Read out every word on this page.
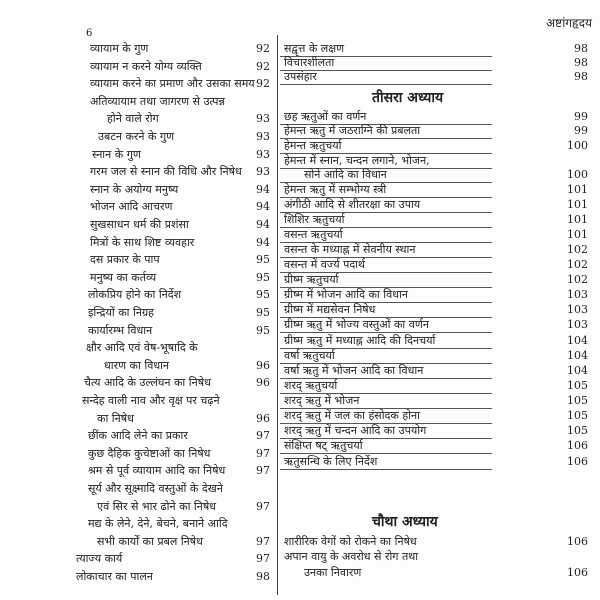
6
अष्टांगहृदय
व्यायाम के गुण	92
व्यायाम न करने योग्य व्यक्ति	92
व्यायाम करने का प्रमाण और उसका समय 92
अतिव्यायाम तथा जागरण से उत्पन्न
होने वाले रोग	93
उबटन करने के गुण	93
स्नान के गुण	93
गरम जल से स्नान की विधि और निषेध 93
स्नान के अयोग्य मनुष्य	94
भोजन आदि आचरण	94
सुखसाधन धर्म की प्रशंसा	94
मित्रों के साथ शिष्ट व्यवहार	94
दस प्रकार के पाप	95
मनुष्य का कर्तव्य	95
लोकप्रिय होने का निर्देश	95
इन्द्रियों का निग्रह	95
कार्यारम्भ विधान	95
क्षौर आदि एवं वेष-भूषादि के
धारण का विधान	96
चैत्य आदि के उल्लंघन का निषेध	96
सन्देह वाली नाव और वृक्ष पर चढ़ने
का निषेध	96
छींक आदि लेने का प्रकार	97
कुछ दैहिक कुचेष्टाओं का निषेध	97
श्रम से पूर्व व्यायाम आदि का निषेध	97
सूर्य और सूक्ष्मादि वस्तुओं के देखने
एवं सिर से भार ढोने का निषेध	97
मद्य के लेने, देने, बेचने, बनाने आदि
सभी कार्यों का प्रबल निषेध	97
त्याज्य कार्य	97
लोकाचार का पालन	98
सद्वृत्त के लक्षण	98
विचारशीलता	98
उपसंहार	98
छह ऋतुओं का वर्णन	99
हेमन्त ऋतु में जठराग्नि की प्रबलता	99
हेमन्त ऋतुचर्या	100
हेमन्त में स्नान, चन्दन लगाने, भोजन,
सोने आदि का विधान	100
हेमन्त ऋतु में सम्भोग्य स्त्री	101
अंगीठी आदि से शीतरक्षा का उपाय	101
शिशिर ऋतुचर्या	101
वसन्त ऋतुचर्या	101
वसन्त के मध्याह्न में सेवनीय स्थान	102
वसन्त में वर्ज्य पदार्थ	102
ग्रीष्म ऋतुचर्या	102
ग्रीष्म में भोजन आदि का विधान	103
ग्रीष्म में मद्यसेवन निषेध	103
ग्रीष्म ऋतु में भोज्य वस्तुओं का वर्णन	103
ग्रीष्म ऋतु में मध्याह्न आदि की दिनचर्या	104
वर्षा ऋतुचर्या	104
वर्षा ऋतु में भोजन आदि का विधान	104
शरद् ऋतुचर्या	105
शरद् ऋतु में भोजन	105
शरद् ऋतु में जल का हंसोदक होना	105
शरद् ऋतु में चन्दन आदि का उपयोग	105
संक्षिप्त षट् ऋतुचर्या	106
ऋतुसन्धि के लिए निर्देश	106
शारीरिक वेगों को रोकने का निषेध	106
अपान वायु के अवरोध से रोग तथा
उनका निवारण	106
तीसरा अध्याय
चौथा अध्याय
